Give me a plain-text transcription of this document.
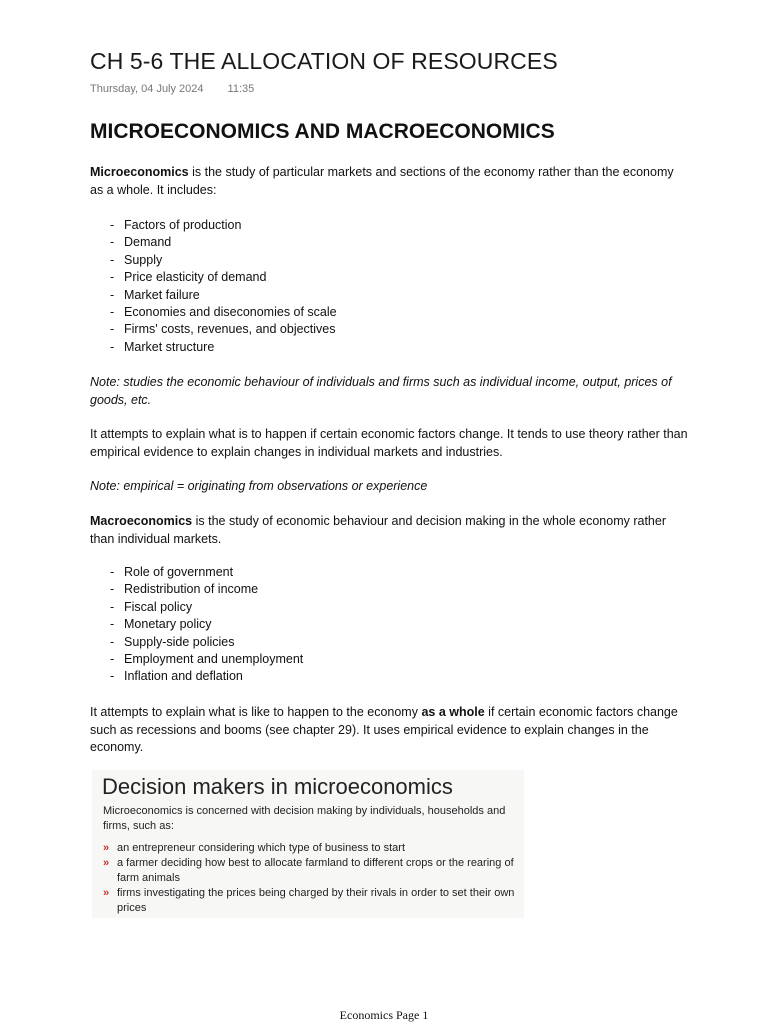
CH 5-6 THE ALLOCATION OF RESOURCES
Thursday, 04 July 2024 11:35
MICROECONOMICS AND MACROECONOMICS
Microeconomics is the study of particular markets and sections of the economy rather than the economy as a whole. It includes:
- Factors of production
- Demand
- Supply
- Price elasticity of demand
- Market failure
- Economies and diseconomies of scale
- Firms' costs, revenues, and objectives
- Market structure
Note: studies the economic behaviour of individuals and firms such as individual income, output, prices of goods, etc.
It attempts to explain what is to happen if certain economic factors change. It tends to use theory rather than empirical evidence to explain changes in individual markets and industries.
Note: empirical = originating from observations or experience
Macroeconomics is the study of economic behaviour and decision making in the whole economy rather than individual markets.
- Role of government
- Redistribution of income
- Fiscal policy
- Monetary policy
- Supply-side policies
- Employment and unemployment
- Inflation and deflation
It attempts to explain what is like to happen to the economy as a whole if certain economic factors change such as recessions and booms (see chapter 29). It uses empirical evidence to explain changes in the economy.
Decision makers in microeconomics
Microeconomics is concerned with decision making by individuals, households and firms, such as:
» an entrepreneur considering which type of business to start
» a farmer deciding how best to allocate farmland to different crops or the rearing of farm animals
» firms investigating the prices being charged by their rivals in order to set their own prices
Economics Page 1
